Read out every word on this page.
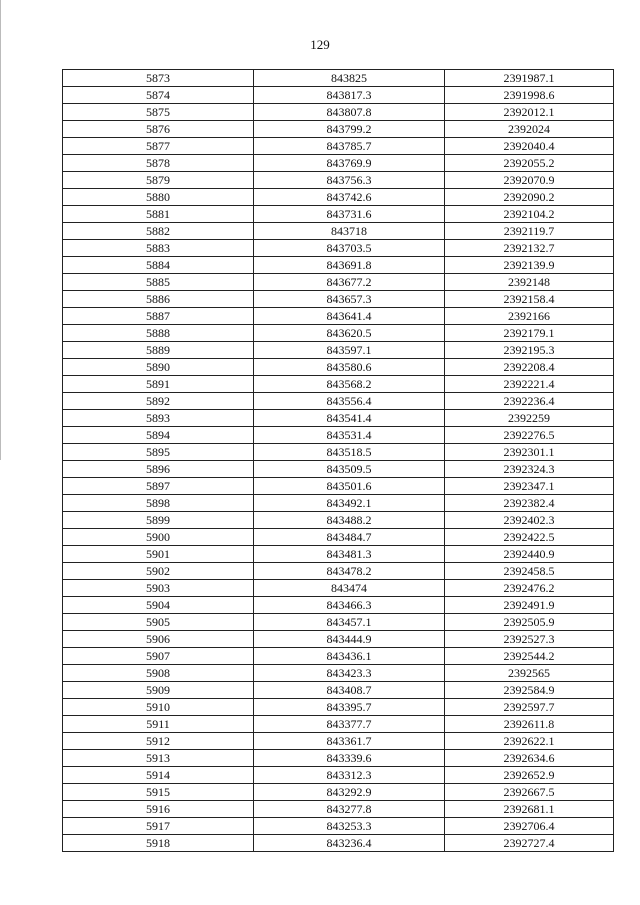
129
5873	843825	2391987.1
5874	843817.3	2391998.6
5875	843807.8	2392012.1
5876	843799.2	2392024
5877	843785.7	2392040.4
5878	843769.9	2392055.2
5879	843756.3	2392070.9
5880	843742.6	2392090.2
5881	843731.6	2392104.2
5882	843718	2392119.7
5883	843703.5	2392132.7
5884	843691.8	2392139.9
5885	843677.2	2392148
5886	843657.3	2392158.4
5887	843641.4	2392166
5888	843620.5	2392179.1
5889	843597.1	2392195.3
5890	843580.6	2392208.4
5891	843568.2	2392221.4
5892	843556.4	2392236.4
5893	843541.4	2392259
5894	843531.4	2392276.5
5895	843518.5	2392301.1
5896	843509.5	2392324.3
5897	843501.6	2392347.1
5898	843492.1	2392382.4
5899	843488.2	2392402.3
5900	843484.7	2392422.5
5901	843481.3	2392440.9
5902	843478.2	2392458.5
5903	843474	2392476.2
5904	843466.3	2392491.9
5905	843457.1	2392505.9
5906	843444.9	2392527.3
5907	843436.1	2392544.2
5908	843423.3	2392565
5909	843408.7	2392584.9
5910	843395.7	2392597.7
5911	843377.7	2392611.8
5912	843361.7	2392622.1
5913	843339.6	2392634.6
5914	843312.3	2392652.9
5915	843292.9	2392667.5
5916	843277.8	2392681.1
5917	843253.3	2392706.4
5918	843236.4	2392727.4
